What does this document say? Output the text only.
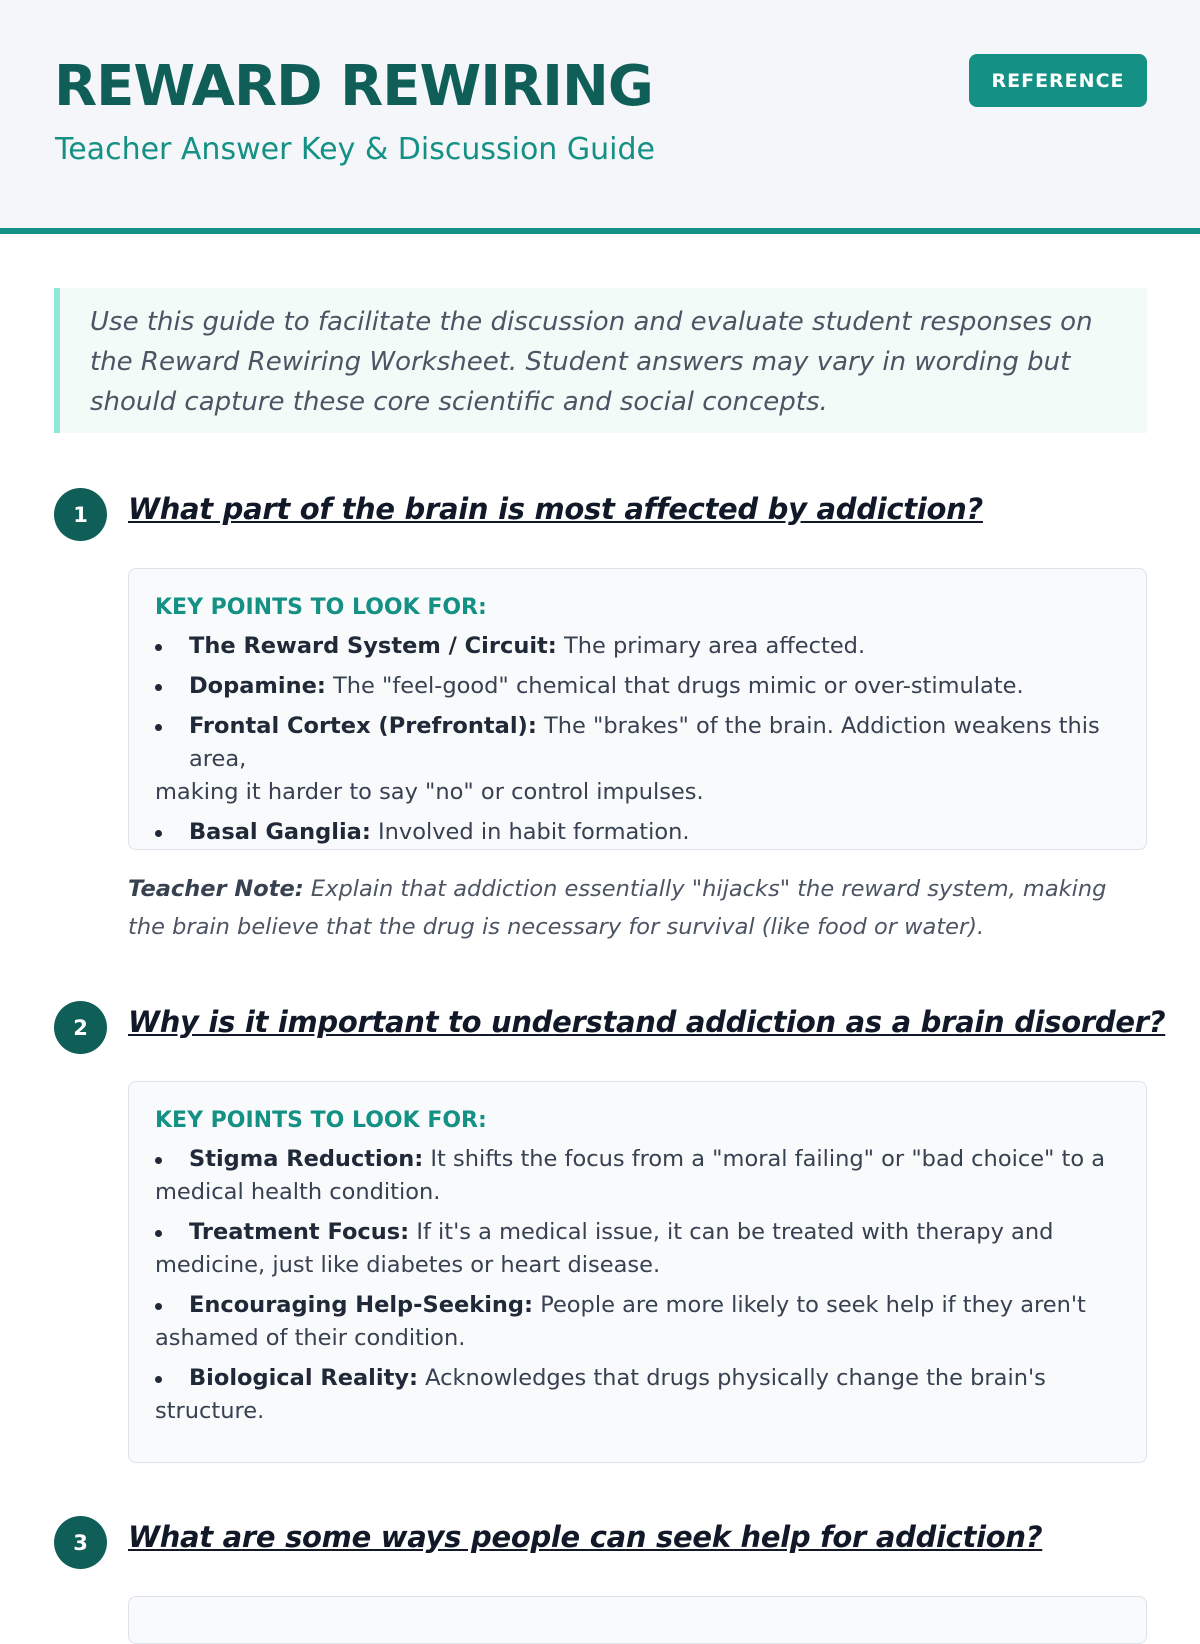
REWARD REWIRING
Teacher Answer Key & Discussion Guide
REFERENCE
Use this guide to facilitate the discussion and evaluate student responses on the Reward Rewiring Worksheet. Student answers may vary in wording but should capture these core scientific and social concepts.
1	What part of the brain is most affected by addiction?
KEY POINTS TO LOOK FOR:
The Reward System / Circuit: The primary area affected.
Dopamine: The "feel-good" chemical that drugs mimic or over-stimulate.
Frontal Cortex (Prefrontal): The "brakes" of the brain. Addiction weakens this area,
making it harder to say "no" or control impulses.
Basal Ganglia: Involved in habit formation.
Teacher Note: Explain that addiction essentially "hijacks" the reward system, making the brain believe that the drug is necessary for survival (like food or water).
2	Why is it important to understand addiction as a brain disorder?
KEY POINTS TO LOOK FOR:
Stigma Reduction: It shifts the focus from a "moral failing" or "bad choice" to a
medical health condition.
Treatment Focus: If it's a medical issue, it can be treated with therapy and
medicine, just like diabetes or heart disease.
Encouraging Help-Seeking: People are more likely to seek help if they aren't
ashamed of their condition.
Biological Reality: Acknowledges that drugs physically change the brain's
structure.
3	What are some ways people can seek help for addiction?
